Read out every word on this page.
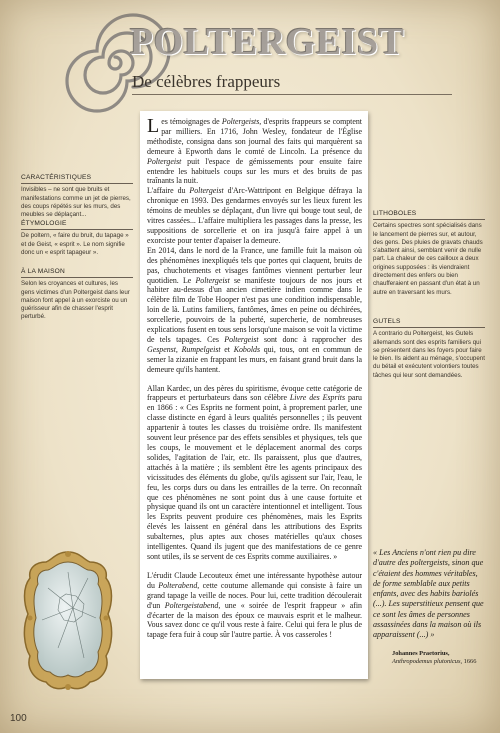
POLTERGEIST
De célèbres frappeurs
CARACTÉRISTIQUES

Invisibles – ne sont que bruits et manifestations comme un jet de pierres, des coups répétés sur les murs, des meubles se déplaçant...

ÉTYMOLOGIE

De poltern, « faire du bruit, du tapage » et de Geist, « esprit ». Le nom signifie donc un « esprit tapageur ».

À LA MAISON

Selon les croyances et cultures, les gens victimes d'un Poltergeist dans leur maison font appel à un exorciste ou un guérisseur afin de chasser l'esprit perturbé.

LITHOBOLES

Certains spectres sont spécialisés dans le lancement de pierres sur, et autour, des gens. Des pluies de gravats chauds s'abattent ainsi, semblant venir de nulle part. La chaleur de ces cailloux a deux origines supposées : ils viendraient directement des enfers ou bien chaufferaient en passant d'un état à un autre en traversant les murs.

GUTELS

A contrario du Poltergeist, les Gutels allemands sont des esprits familiers qui se présentent dans les foyers pour faire le bien. Ils aident au ménage, s'occupent du bétail et exécutent volontiers toutes tâches qui leur sont demandées.

Les témoignages de Poltergeists, d'esprits frappeurs se comptent par milliers. En 1716, John Wesley, fondateur de l'Église méthodiste, consigna dans son journal des faits qui marquèrent sa demeure à Epworth dans le comté de Lincoln. La présence du Poltergeist puit l'espace de gémissements pour ensuite faire entendre les habituels coups sur les murs et des bruits de pas traînants la nuit.

L'affaire du Poltergeist d'Arc-Wattripont en Belgique défraya la chronique en 1993. Des gendarmes envoyés sur les lieux furent les témoins de meubles se déplaçant, d'un livre qui bouge tout seul, de vitres cassées... L'affaire multipliera les passages dans la presse, les suppositions de sorcellerie et on ira jusqu'à faire appel à un exorciste pour tenter d'apaiser la demeure.

En 2014, dans le nord de la France, une famille fuit la maison où des phénomènes inexpliqués tels que portes qui claquent, bruits de pas, chuchotements et visages fantômes viennent perturber leur quotidien. Le Poltergeist se manifeste toujours de nos jours et habiter au-dessus d'un ancien cimetière indien comme dans le célèbre film de Tobe Hooper n'est pas une condition indispensable, loin de là. Lutins familiers, fantômes, âmes en peine ou déchirées, sorcellerie, pouvoirs de la puberté, supercherie, de nombreuses explications fusent en tous sens lorsqu'une maison se voit la victime de tels tapages. Ces Poltergeist sont donc à rapprocher des Gespenst, Rumpelgeist et Kobolds qui, tous, ont en commun de semer la zizanie en frappant les murs, en faisant grand bruit dans la demeure qu'ils hantent.

Allan Kardec, un des pères du spiritisme, évoque cette catégorie de frappeurs et perturbateurs dans son célèbre Livre des Esprits paru en 1866 : « Ces Esprits ne forment point, à proprement parler, une classe distincte en égard à leurs qualités personnelles ; ils peuvent appartenir à toutes les classes du troisième ordre. Ils manifestent souvent leur présence par des effets sensibles et physiques, tels que les coups, le mouvement et le déplacement anormal des corps solides, l'agitation de l'air, etc. Ils paraissent, plus que d'autres, attachés à la matière ; ils semblent être les agents principaux des vicissitudes des éléments du globe, qu'ils agissent sur l'air, l'eau, le feu, les corps durs ou dans les entrailles de la terre. On reconnaît que ces phénomènes ne sont point dus à une cause fortuite et physique quand ils ont un caractère intentionnel et intelligent. Tous les Esprits peuvent produire ces phénomènes, mais les Esprits élevés les laissent en général dans les attributions des Esprits subalternes, plus aptes aux choses matérielles qu'aux choses intelligentes. Quand ils jugent que des manifestations de ce genre sont utiles, ils se servent de ces Esprits comme auxiliaires. »

L'érudit Claude Lecouteux émet une intéressante hypothèse autour du Polterabend, cette coutume allemande qui consiste à faire un grand tapage la veille de noces. Pour lui, cette tradition découlerait d'un Poltergeistabend, une « soirée de l'esprit frappeur » afin d'écarter de la maison des époux ce mauvais esprit et le malheur. Vous savez donc ce qu'il vous reste à faire. Celui qui fera le plus de tapage fera fuir à coup sûr l'autre partie. À vos casseroles !

« Les Anciens n'ont rien pu dire d'autre des poltergeists, sinon que c'étaient des hommes véritables, de forme semblable aux petits enfants, avec des habits bariolés (...). Les superstitieux pensent que ce sont les âmes de personnes assassinées dans la maison où ils apparaissent (...) »
Johannes Praetorius,
Anthropodemus plutonicus, 1666
100
